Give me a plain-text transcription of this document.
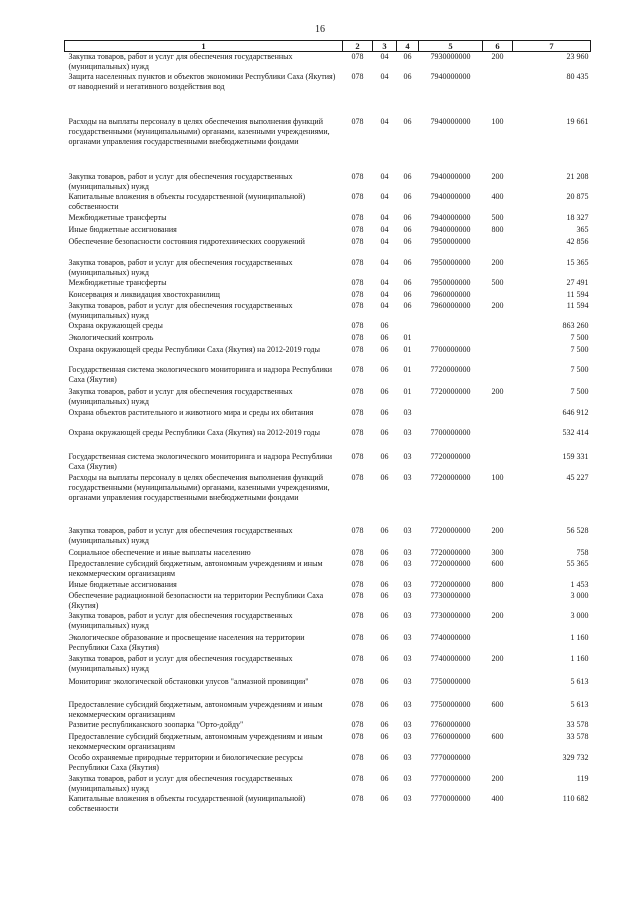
16
1	2	3	4	5	6	7
Закупка товаров, работ и услуг для обеспечения государственных (муниципальных) нужд	078	04	06	7930000000	200	23 960
Защита населенных пунктов и объектов экономики Республики Саха (Якутия) от наводнений и негативного воздействия вод	078	04	06	7940000000		80 435
Расходы на выплаты персоналу в целях обеспечения выполнения функций государственными (муниципальными) органами, казенными учреждениями, органами управления государственными внебюджетными фондами	078	04	06	7940000000	100	19 661
Закупка товаров, работ и услуг для обеспечения государственных (муниципальных) нужд	078	04	06	7940000000	200	21 208
Капитальные вложения в объекты государственной (муниципальной) собственности	078	04	06	7940000000	400	20 875
Межбюджетные трансферты	078	04	06	7940000000	500	18 327
Иные бюджетные ассигнования	078	04	06	7940000000	800	365
Обеспечение безопасности состояния гидротехнических сооружений	078	04	06	7950000000		42 856
Закупка товаров, работ и услуг для обеспечения государственных (муниципальных) нужд	078	04	06	7950000000	200	15 365
Межбюджетные трансферты	078	04	06	7950000000	500	27 491
Консервация и ликвидация хвостохранилищ	078	04	06	7960000000		11 594
Закупка товаров, работ и услуг для обеспечения государственных (муниципальных) нужд	078	04	06	7960000000	200	11 594
Охрана окружающей среды	078	06				863 260
Экологический контроль	078	06	01			7 500
Охрана окружающей среды Республики Саха (Якутия) на 2012-2019 годы	078	06	01	7700000000		7 500
Государственная система экологического мониторинга и надзора Республики Саха (Якутия)	078	06	01	7720000000		7 500
Закупка товаров, работ и услуг для обеспечения государственных (муниципальных) нужд	078	06	01	7720000000	200	7 500
Охрана объектов растительного и животного мира и среды их обитания	078	06	03			646 912
Охрана окружающей среды Республики Саха (Якутия) на 2012-2019 годы	078	06	03	7700000000		532 414
Государственная система экологического мониторинга и надзора Республики Саха (Якутия)	078	06	03	7720000000		159 331
Расходы на выплаты персоналу в целях обеспечения выполнения функций государственными (муниципальными) органами, казенными учреждениями, органами управления государственными внебюджетными фондами	078	06	03	7720000000	100	45 227
Закупка товаров, работ и услуг для обеспечения государственных (муниципальных) нужд	078	06	03	7720000000	200	56 528
Социальное обеспечение и иные выплаты населению	078	06	03	7720000000	300	758
Предоставление субсидий бюджетным, автономным учреждениям и иным некоммерческим организациям	078	06	03	7720000000	600	55 365
Иные бюджетные ассигнования	078	06	03	7720000000	800	1 453
Обеспечение радиационной безопасности на территории Республики Саха (Якутия)	078	06	03	7730000000		3 000
Закупка товаров, работ и услуг для обеспечения государственных (муниципальных) нужд	078	06	03	7730000000	200	3 000
Экологическое образование и просвещение населения на территории Республики Саха (Якутия)	078	06	03	7740000000		1 160
Закупка товаров, работ и услуг для обеспечения государственных (муниципальных) нужд	078	06	03	7740000000	200	1 160
Мониторинг экологической обстановки улусов "алмазной провинции"	078	06	03	7750000000		5 613
Предоставление субсидий бюджетным, автономным учреждениям и иным некоммерческим организациям	078	06	03	7750000000	600	5 613
Развитие республиканского зоопарка "Орто-дойду"	078	06	03	7760000000		33 578
Предоставление субсидий бюджетным, автономным учреждениям и иным некоммерческим организациям	078	06	03	7760000000	600	33 578
Особо охраняемые природные территории и биологические ресурсы Республики Саха (Якутия)	078	06	03	7770000000		329 732
Закупка товаров, работ и услуг для обеспечения государственных (муниципальных) нужд	078	06	03	7770000000	200	119
Капитальные вложения в объекты государственной (муниципальной) собственности	078	06	03	7770000000	400	110 682
